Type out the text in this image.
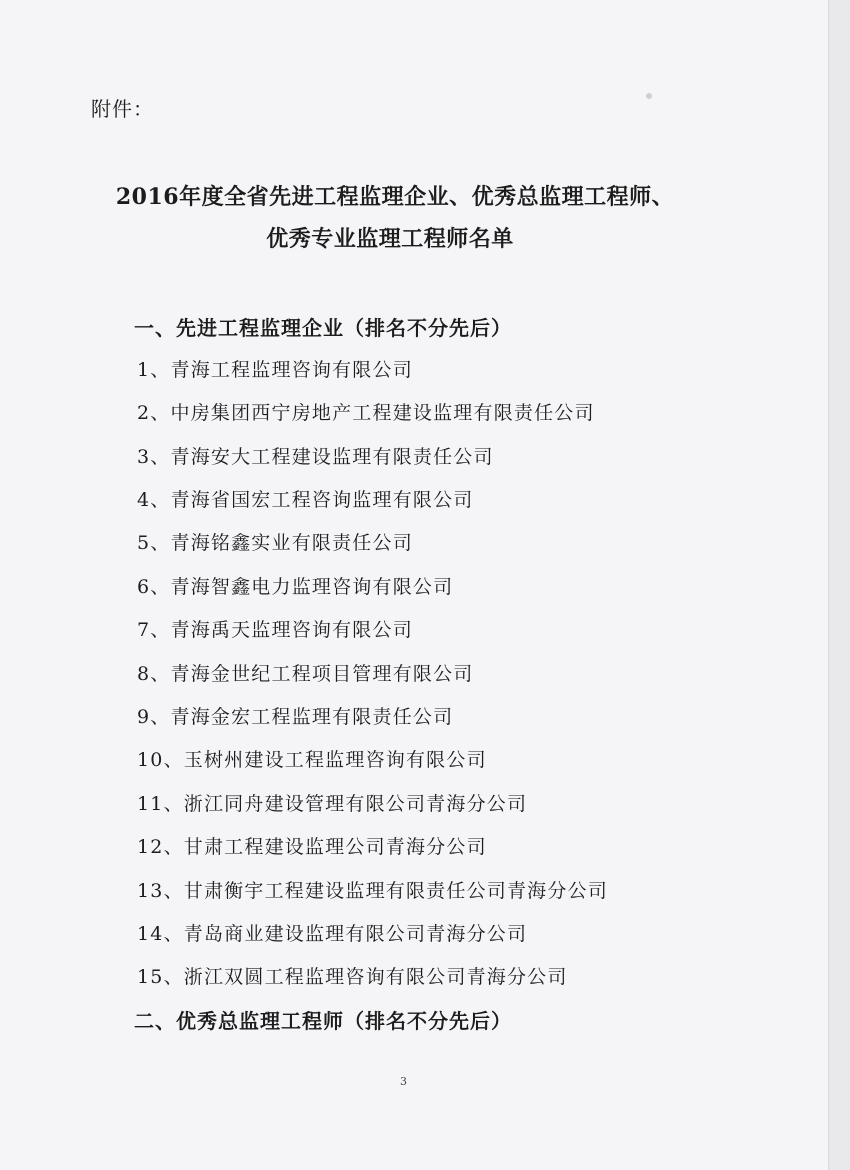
附件：
2016年度全省先进工程监理企业、优秀总监理工程师、
优秀专业监理工程师名单
一、先进工程监理企业（排名不分先后）
1、青海工程监理咨询有限公司
2、中房集团西宁房地产工程建设监理有限责任公司
3、青海安大工程建设监理有限责任公司
4、青海省国宏工程咨询监理有限公司
5、青海铭鑫实业有限责任公司
6、青海智鑫电力监理咨询有限公司
7、青海禹天监理咨询有限公司
8、青海金世纪工程项目管理有限公司
9、青海金宏工程监理有限责任公司
10、玉树州建设工程监理咨询有限公司
11、浙江同舟建设管理有限公司青海分公司
12、甘肃工程建设监理公司青海分公司
13、甘肃衡宇工程建设监理有限责任公司青海分公司
14、青岛商业建设监理有限公司青海分公司
15、浙江双圆工程监理咨询有限公司青海分公司
二、优秀总监理工程师（排名不分先后）
3
